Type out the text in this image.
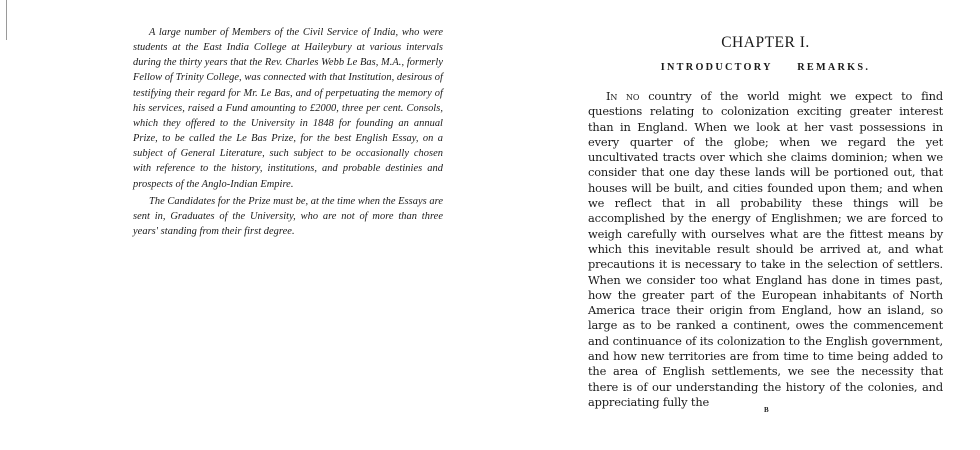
A large number of Members of the Civil Service of India, who were students at the East India College at Haileybury at various intervals during the thirty years that the Rev. Charles Webb Le Bas, M.A., formerly Fellow of Trinity College, was connected with that Institution, desirous of testifying their regard for Mr. Le Bas, and of perpetuating the memory of his services, raised a Fund amounting to £2000, three per cent. Consols, which they offered to the University in 1848 for founding an annual Prize, to be called the Le Bas Prize, for the best English Essay, on a subject of General Literature, such subject to be occasionally chosen with reference to the history, institutions, and probable destinies and prospects of the Anglo-Indian Empire.

The Candidates for the Prize must be, at the time when the Essays are sent in, Graduates of the University, who are not of more than three years' standing from their first degree.

CHAPTER I.
INTRODUCTORY REMARKS.

In no country of the world might we expect to find questions relating to colonization exciting greater interest than in England. When we look at her vast possessions in every quarter of the globe; when we regard the yet uncultivated tracts over which she claims dominion; when we consider that one day these lands will be portioned out, that houses will be built, and cities founded upon them; and when we reflect that in all probability these things will be accomplished by the energy of Englishmen; we are forced to weigh carefully with ourselves what are the fittest means by which this inevitable result should be arrived at, and what precautions it is necessary to take in the selection of settlers. When we consider too what England has done in times past, how the greater part of the European inhabitants of North America trace their origin from England, how an island, so large as to be ranked a continent, owes the commencement and continuance of its colonization to the English government, and how new territories are from time to time being added to the area of English settlements, we see the necessity that there is of our understanding the history of the colonies, and appreciating fully the

B
